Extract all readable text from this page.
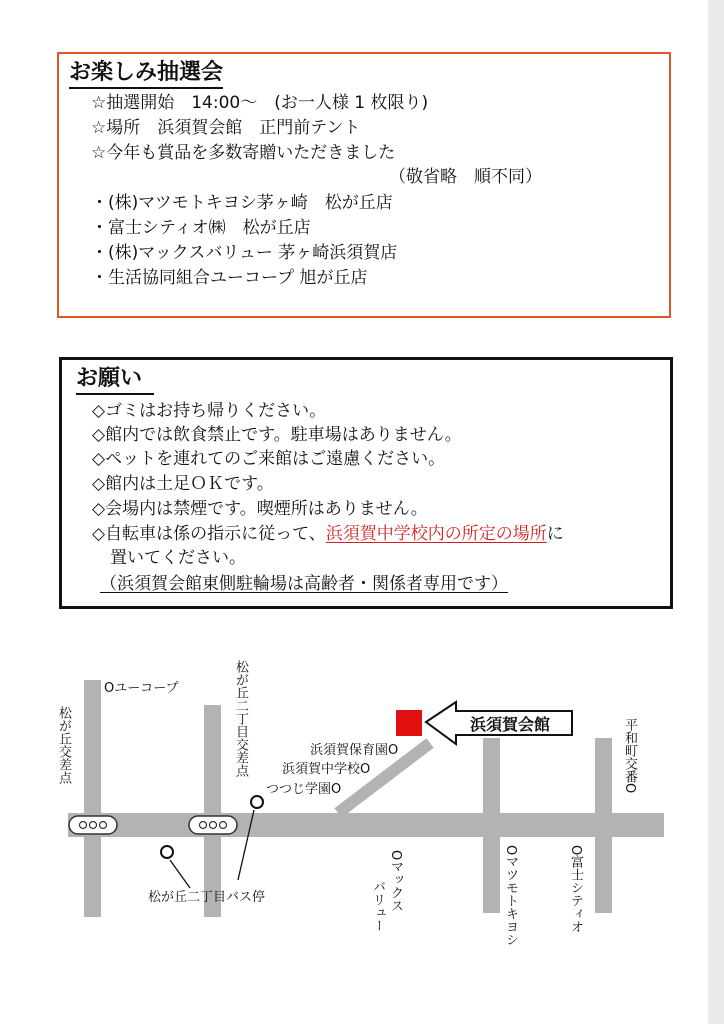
お楽しみ抽選会
☆抽選開始　14:00～　(お一人様 1 枚限り)
☆場所　浜須賀会館　正門前テント
☆今年も賞品を多数寄贈いただきました
（敬省略　順不同）
・(株)マツモトキヨシ茅ヶ崎　松が丘店
・富士シティオ㈱　松が丘店
・(株)マックスバリュー 茅ヶ崎浜須賀店
・生活協同組合ユーコープ 旭が丘店
お願い
◇ゴミはお持ち帰りください。
◇館内では飲食禁止です。駐車場はありません。
◇ペットを連れてのご来館はご遠慮ください。
◇館内は土足ＯＫです。
◇会場内は禁煙です。喫煙所はありません。
◇自転車は係の指示に従って、浜須賀中学校内の所定の場所に
置いてください。
（浜須賀会館東側駐輪場は高齢者・関係者専用です）
浜須賀会館
Oユーコープ
浜須賀保育園O
浜須賀中学校O
つつじ学園O
松が丘二丁目バス停
松が丘交差点	松が丘二丁目交差点	平和町交番O
Oマックス
バリュー	Oマツモトキヨシ	O富士シティオ
